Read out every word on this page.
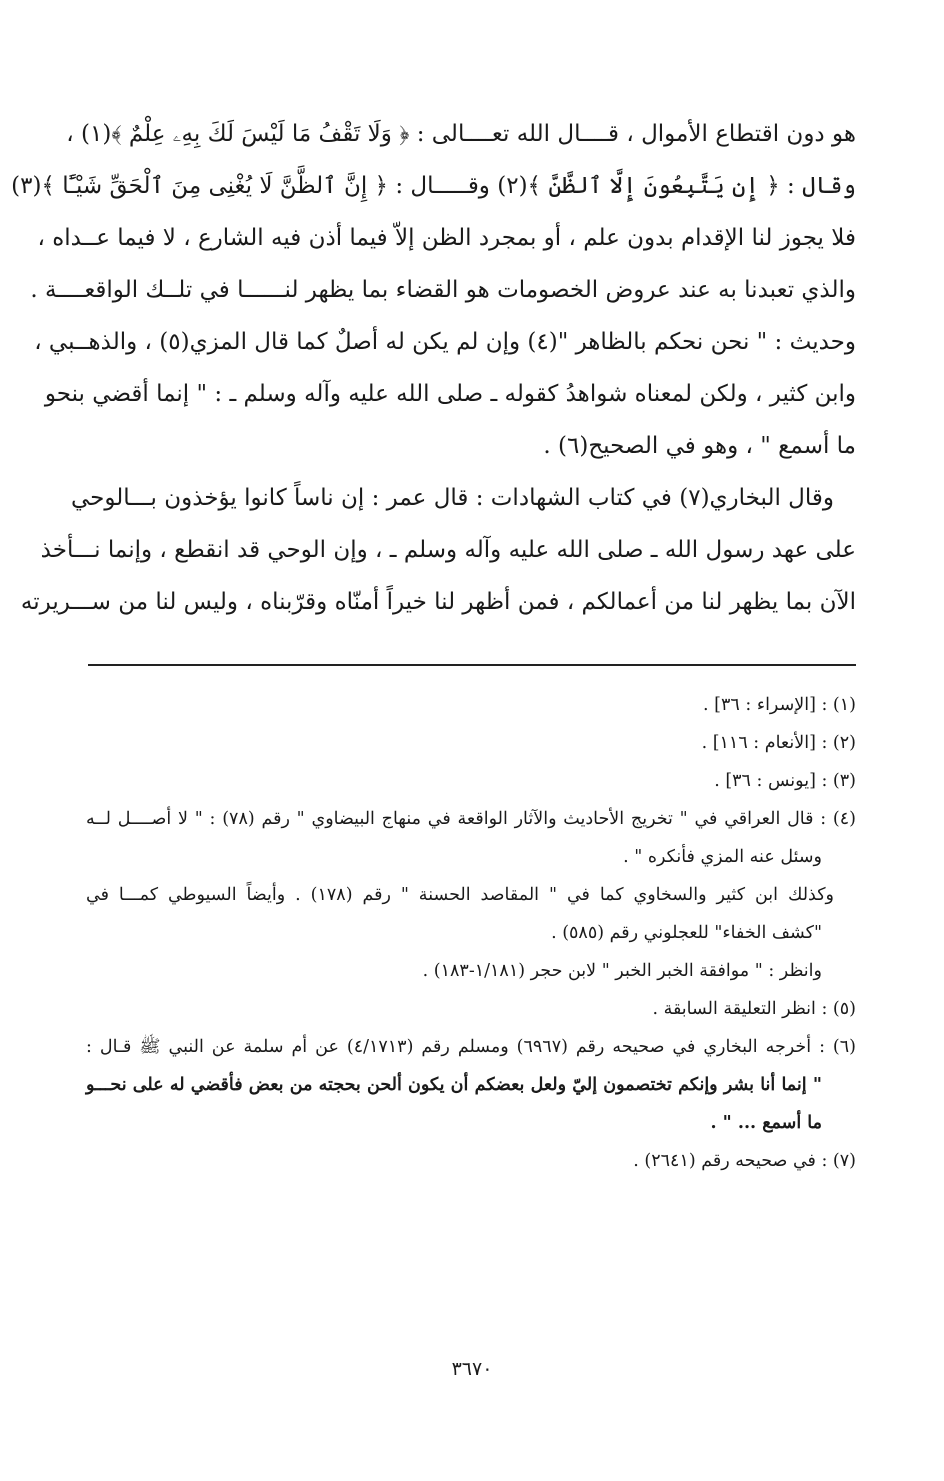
هو دون اقتطاع الأموال ، قــــال الله تعــــالى : ﴿ وَلَا تَقْفُ مَا لَيْسَ لَكَ بِهِۦ عِلْمٌ ﴾(١) ،
وقال : ﴿ إِن يَتَّبِعُونَ إِلَّا ٱلظَّنَّ ﴾(٢) وقـــــال : ﴿ إِنَّ ٱلظَّنَّ لَا يُغْنِى مِنَ ٱلْحَقِّ شَيْـًٔا ﴾(٣)
فلا يجوز لنا الإقدام بدون علم ، أو بمجرد الظن إلاّ فيما أذن فيه الشارع ، لا فيما عــداه ،
والذي تعبدنا به عند عروض الخصومات هو القضاء بما يظهر لنــــــا في تلــك الواقعــــة .
وحديث : " نحن نحكم بالظاهر "(٤) وإن لم يكن له أصلٌ كما قال المزي(٥) ، والذهــبي ،
وابن كثير ، ولكن لمعناه شواهدُ كقوله ـ صلى الله عليه وآله وسلم ـ : " إنما أقضي بنحو
ما أسمع " ، وهو في الصحيح(٦) .
وقال البخاري(٧) في كتاب الشهادات : قال عمر : إن ناساً كانوا يؤخذون بـــالوحي
على عهد رسول الله ـ صلى الله عليه وآله وسلم ـ ، وإن الوحي قد انقطع ، وإنما نـــأخذ
الآن بما يظهر لنا من أعمالكم ، فمن أظهر لنا خيراً أمنّاه وقرّبناه ، وليس لنا من ســـريرته
(١) : [الإسراء : ٣٦] .
(٢) : [الأنعام : ١١٦] .
(٣) : [يونس : ٣٦] .
(٤) : قال العراقي في " تخريج الأحاديث والآثار الواقعة في منهاج البيضاوي " رقم (٧٨) : " لا أصــــل لــه
وسئل عنه المزي فأنكره " .
وكذلك ابن كثير والسخاوي كما في " المقاصد الحسنة " رقم (١٧٨) . وأيضاً السيوطي كمـــا في
"كشف الخفاء" للعجلوني رقم (٥٨٥) .
وانظر : " موافقة الخبر الخبر " لابن حجر (١/١٨١-١٨٣) .
(٥) : انظر التعليقة السابقة .
(٦) : أخرجه البخاري في صحيحه رقم (٦٩٦٧) ومسلم رقم (٤/١٧١٣) عن أم سلمة عن النبي ﷺ قـال :
" إنما أنا بشر وإنكم تختصمون إليّ ولعل بعضكم أن يكون ألحن بحجته من بعض فأقضي له على نحـــو
ما أسمع ... " .
(٧) : في صحيحه رقم (٢٦٤١) .
٣٦٧٠
